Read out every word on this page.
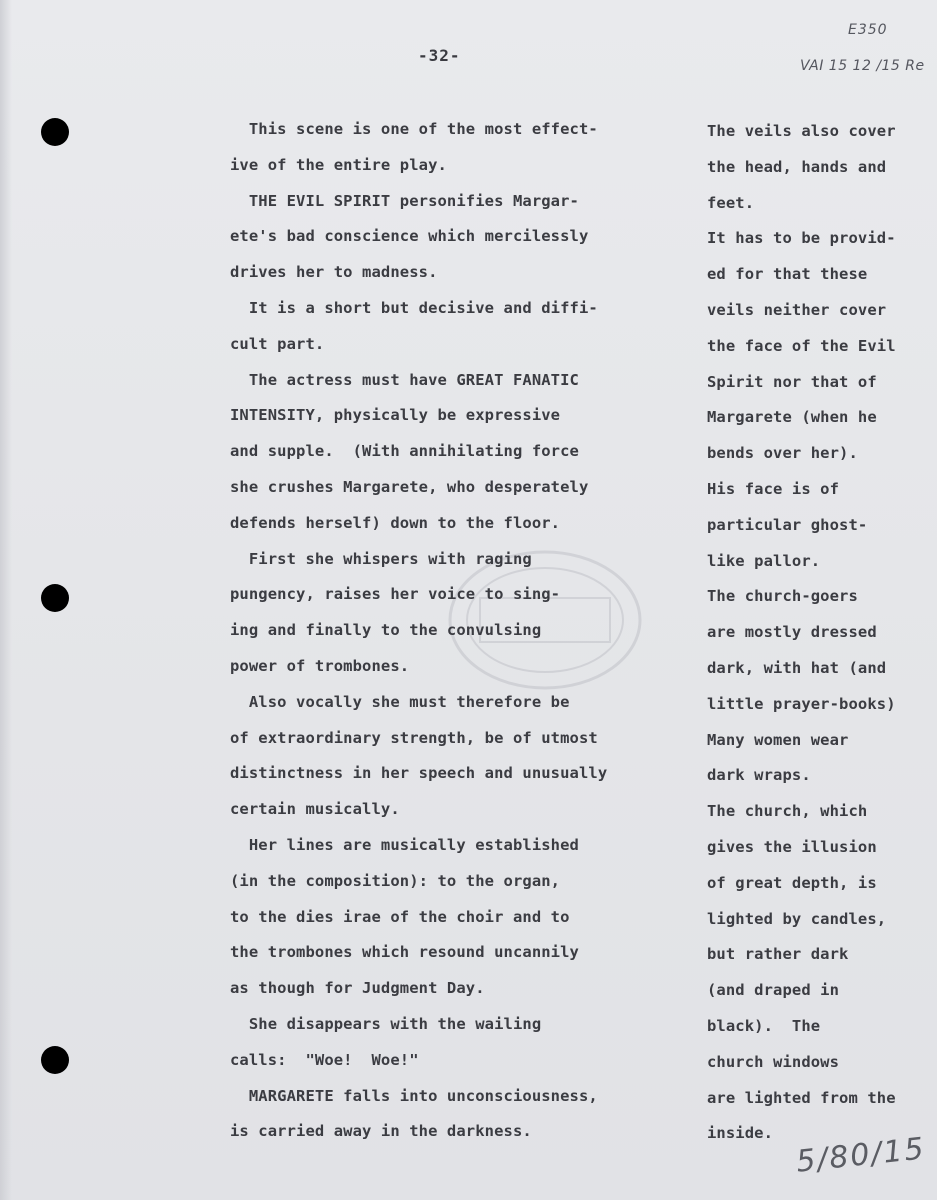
-32-
E350
VAI 15 12 /15 Re
This scene is one of the most effect-
ive of the entire play.
THE EVIL SPIRIT personifies Margar-
ete's bad conscience which mercilessly
drives her to madness.
It is a short but decisive and diffi-
cult part.
The actress must have GREAT FANATIC
INTENSITY, physically be expressive
and supple.  (With annihilating force
she crushes Margarete, who desperately
defends herself) down to the floor.
First she whispers with raging
pungency, raises her voice to sing-
ing and finally to the convulsing
power of trombones.
Also vocally she must therefore be
of extraordinary strength, be of utmost
distinctness in her speech and unusually
certain musically.
Her lines are musically established
(in the composition): to the organ,
to the dies irae of the choir and to
the trombones which resound uncannily
as though for Judgment Day.
She disappears with the wailing
calls:  "Woe!  Woe!"
MARGARETE falls into unconsciousness,
is carried away in the darkness.
The veils also cover
the head, hands and
feet.
It has to be provid-
ed for that these
veils neither cover
the face of the Evil
Spirit nor that of
Margarete (when he
bends over her).
His face is of
particular ghost-
like pallor.
The church-goers
are mostly dressed
dark, with hat (and
little prayer-books)
Many women wear
dark wraps.
The church, which
gives the illusion
of great depth, is
lighted by candles,
but rather dark
(and draped in
black).  The
church windows
are lighted from the
inside. 5/80/15
